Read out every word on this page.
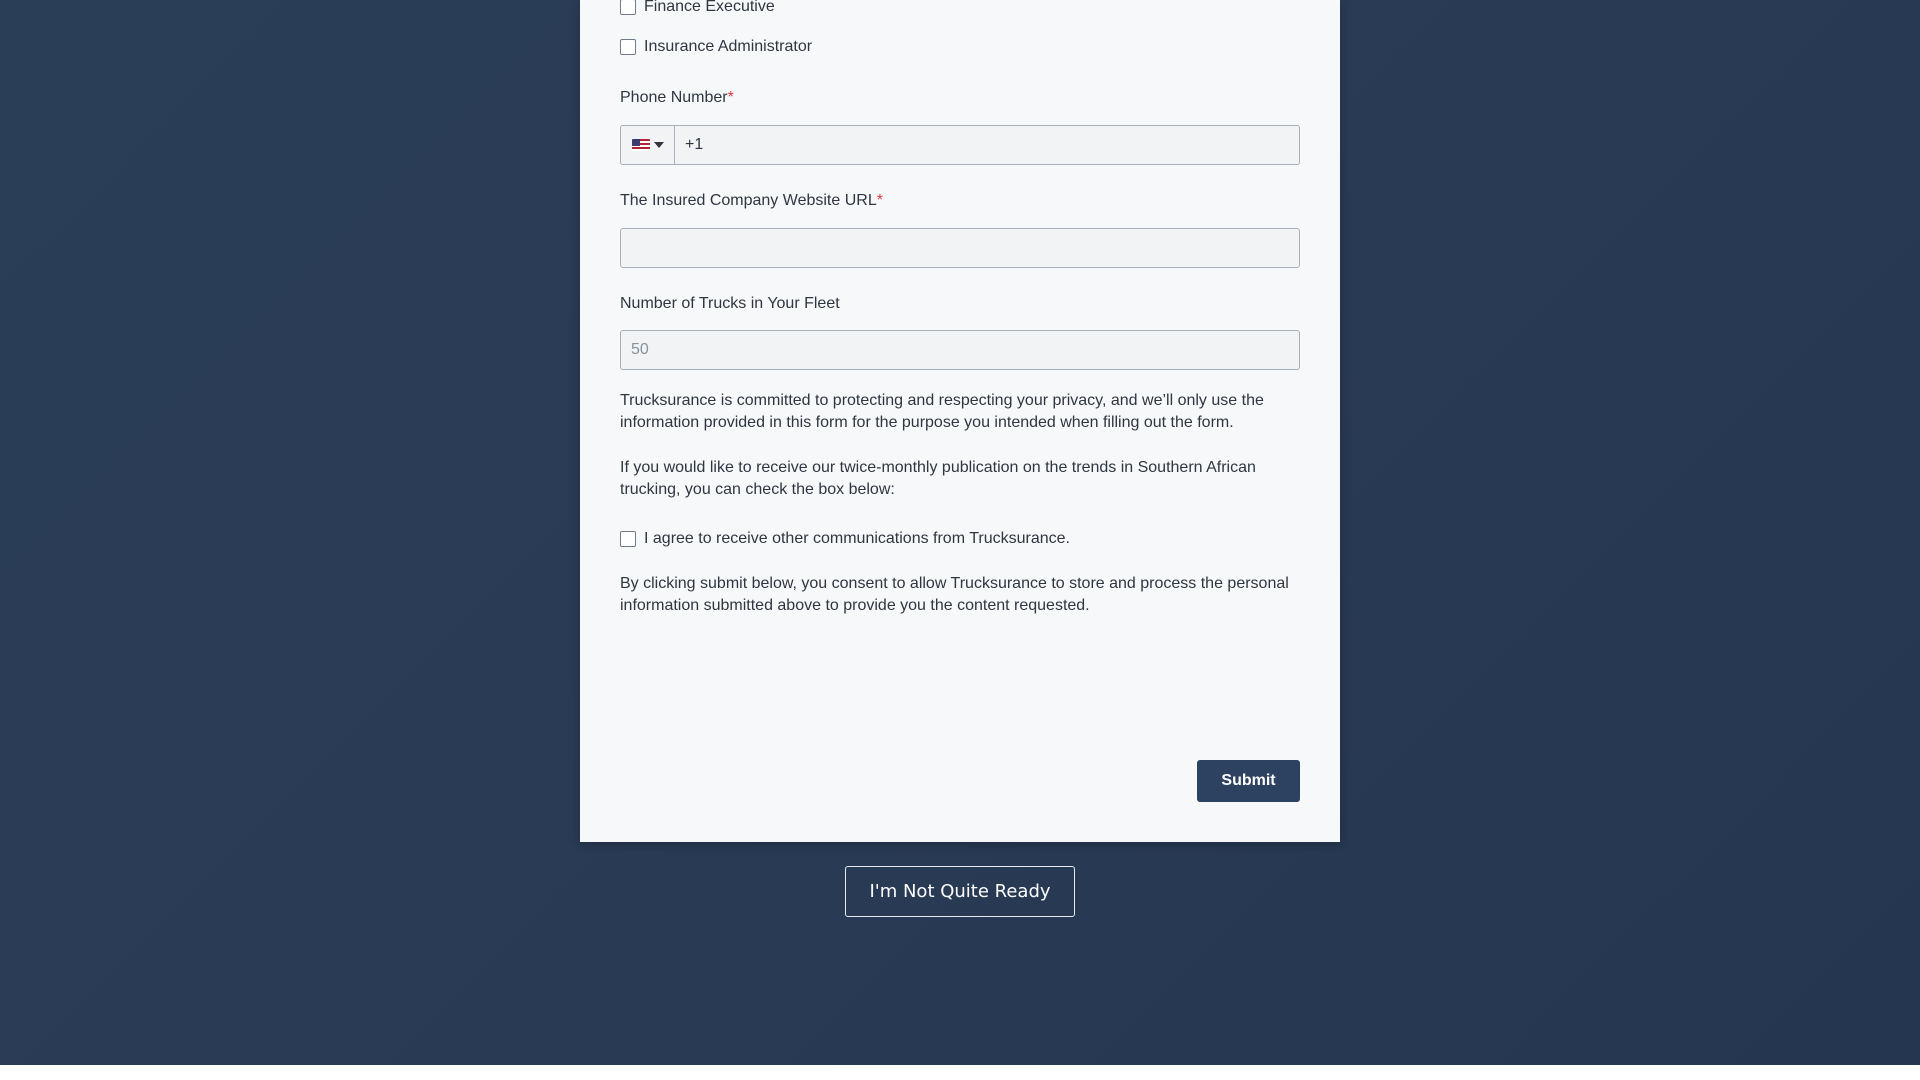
Finance Executive
Insurance Administrator
Phone Number*
+1
The Insured Company Website URL*
Number of Trucks in Your Fleet
50

Trucksurance is committed to protecting and respecting your privacy, and we’ll only use the information provided in this form for the purpose you intended when filling out the form.

If you would like to receive our twice-monthly publication on the trends in Southern African trucking, you can check the box below:

I agree to receive other communications from Trucksurance.

By clicking submit below, you consent to allow Trucksurance to store and process the personal information submitted above to provide you the content requested.

Submit
I'm Not Quite Ready
